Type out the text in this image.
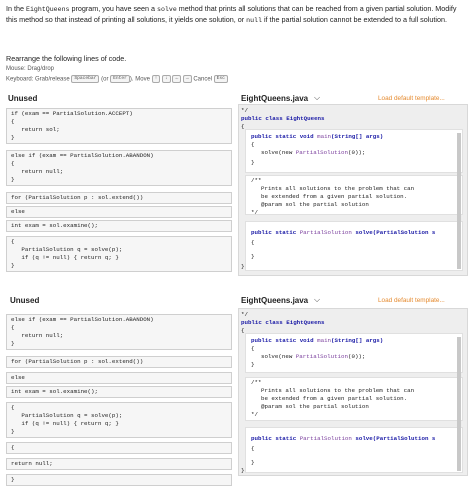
In the EightQueens program, you have seen a solve method that prints all solutions that can be reached from a given partial solution. Modify this method so that instead of printing all solutions, it yields one solution, or null if the partial solution cannot be extended to a full solution.
Rearrange the following lines of code.
Mouse: Drag/drop
Keyboard: Grab/release Spacebar (or Enter ). Move ↑ ↓ ← → Cancel Esc
Unused	EightQueens.java ⌵	Load default template...
if (exam == PartialSolution.ACCEPT)
{
return sol;
}
else if (exam == PartialSolution.ABANDON)
{
return null;
}
for (PartialSolution p : sol.extend())
else
int exam = sol.examine();
{
PartialSolution q = solve(p);
if (q != null) { return q; }
}
*/
public class EightQueens
{
public static void main(String[] args)
{
solve(new PartialSolution(0));
}
/**
Prints all solutions to the problem that can
be extended from a given partial solution.
@param sol the partial solution
*/
public static PartialSolution solve(PartialSolution s
{
}
}
Unused	EightQueens.java ⌵	Load default template...
else if (exam == PartialSolution.ABANDON)
{
return null;
}
for (PartialSolution p : sol.extend())
else
int exam = sol.examine();
{
PartialSolution q = solve(p);
if (q != null) { return q; }
}
{
return null;
}
*/
public class EightQueens
{
public static void main(String[] args)
{
solve(new PartialSolution(0));
}
/**
Prints all solutions to the problem that can
be extended from a given partial solution.
@param sol the partial solution
*/
public static PartialSolution solve(PartialSolution s
{
}
}
